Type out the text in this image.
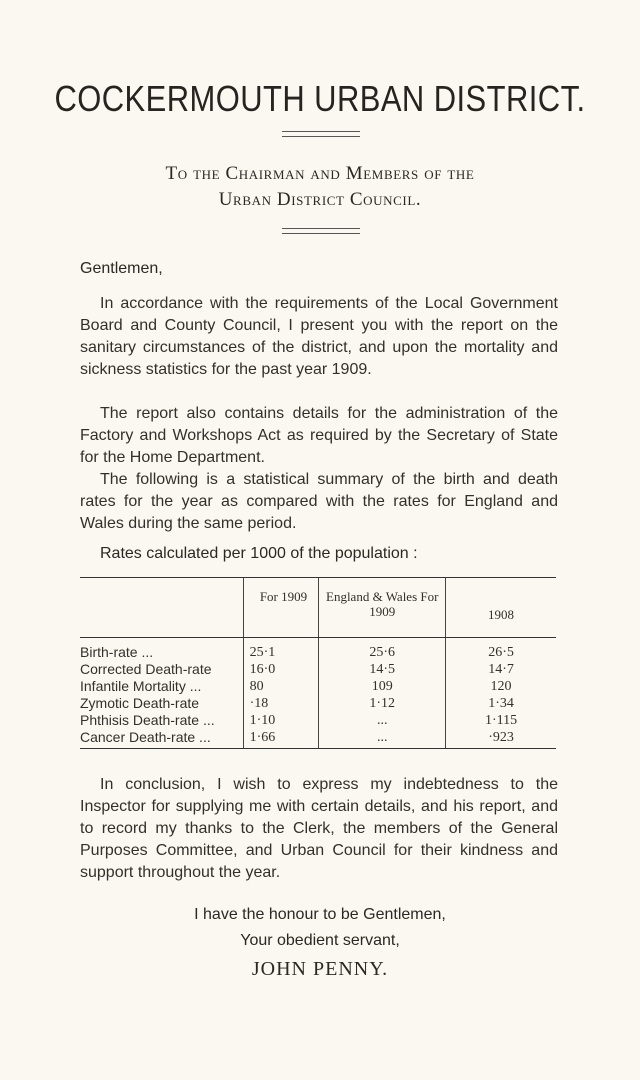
COCKERMOUTH URBAN DISTRICT.
To the Chairman and Members of the
Urban District Council.
Gentlemen,

In accordance with the requirements of the Local Government Board and County Council, I present you with the report on the sanitary circumstances of the district, and upon the mortality and sickness statistics for the past year 1909.

The report also contains details for the administration of the Factory and Workshops Act as required by the Secretary of State for the Home Department.

The following is a statistical summary of the birth and death rates for the year as compared with the rates for England and Wales during the same period.

Rates calculated per 1000 of the population :
	For 1909	England & Wales For 1909	1908
Birth-rate ...	25·1	25·6	26·5
Corrected Death-rate	16·0	14·5	14·7
Infantile Mortality ...	80	109	120
Zymotic Death-rate	·18	1·12	1·34
Phthisis Death-rate ...	1·10	...	1·115
Cancer Death-rate ...	1·66	...	·923

In conclusion, I wish to express my indebtedness to the Inspector for supplying me with certain details, and his report, and to record my thanks to the Clerk, the members of the General Purposes Committee, and Urban Council for their kindness and support throughout the year.

I have the honour to be Gentlemen,
Your obedient servant,
JOHN PENNY.
